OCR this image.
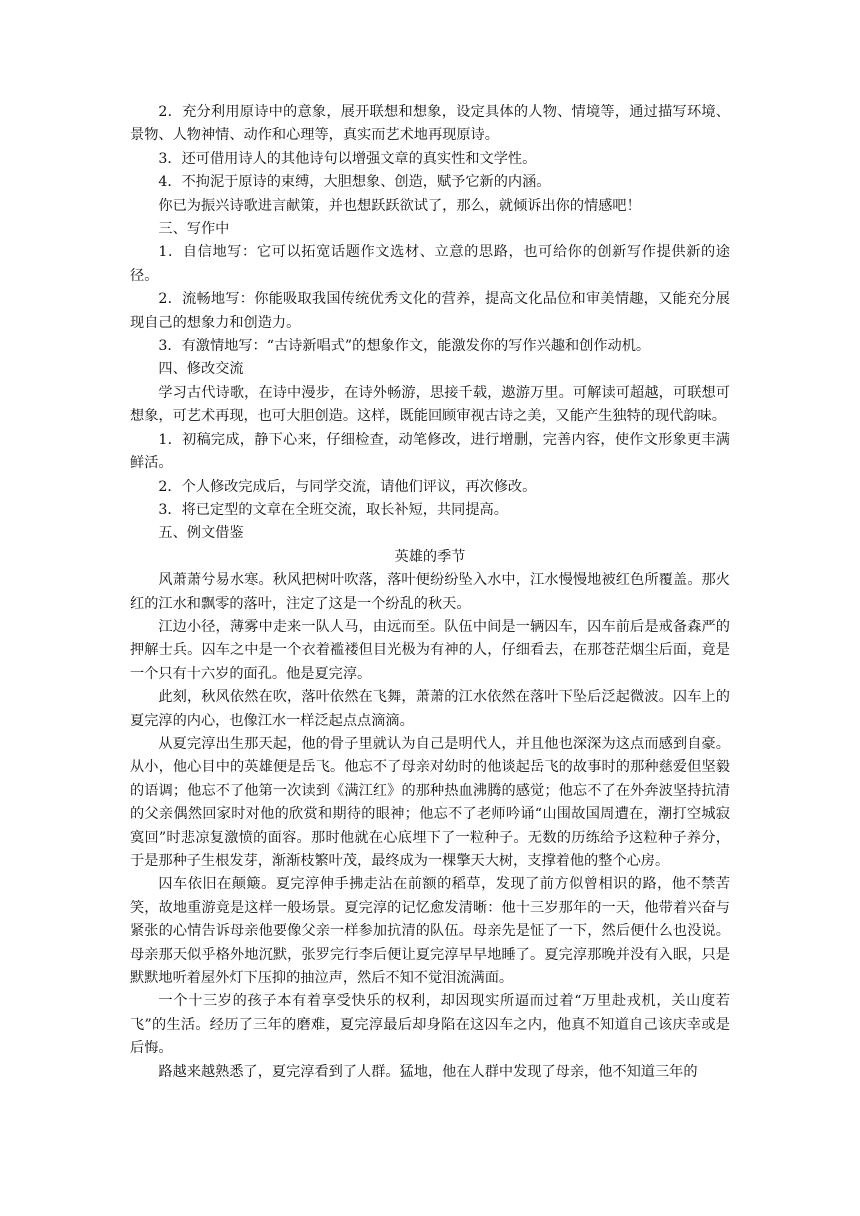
2．充分利用原诗中的意象，展开联想和想象，设定具体的人物、情境等，通过描写环境、景物、人物神情、动作和心理等，真实而艺术地再现原诗。

3．还可借用诗人的其他诗句以增强文章的真实性和文学性。

4．不拘泥于原诗的束缚，大胆想象、创造，赋予它新的内涵。

你已为振兴诗歌进言献策，并也想跃跃欲试了，那么，就倾诉出你的情感吧！

三、写作中

1．自信地写：它可以拓宽话题作文选材、立意的思路，也可给你的创新写作提供新的途径。

2．流畅地写：你能吸取我国传统优秀文化的营养，提高文化品位和审美情趣，又能充分展现自己的想象力和创造力。

3．有激情地写：“古诗新唱式”的想象作文，能激发你的写作兴趣和创作动机。

四、修改交流

学习古代诗歌，在诗中漫步，在诗外畅游，思接千载，遨游万里。可解读可超越，可联想可想象，可艺术再现，也可大胆创造。这样，既能回顾审视古诗之美，又能产生独特的现代韵味。

1．初稿完成，静下心来，仔细检查，动笔修改，进行增删，完善内容，使作文形象更丰满鲜活。

2．个人修改完成后，与同学交流，请他们评议，再次修改。

3．将已定型的文章在全班交流，取长补短，共同提高。

五、例文借鉴

英雄的季节

风萧萧兮易水寒。秋风把树叶吹落，落叶便纷纷坠入水中，江水慢慢地被红色所覆盖。那火红的江水和飘零的落叶，注定了这是一个纷乱的秋天。

江边小径，薄雾中走来一队人马，由远而至。队伍中间是一辆囚车，囚车前后是戒备森严的押解士兵。囚车之中是一个衣着褴褛但目光极为有神的人，仔细看去，在那苍茫烟尘后面，竟是一个只有十六岁的面孔。他是夏完淳。

此刻，秋风依然在吹，落叶依然在飞舞，萧萧的江水依然在落叶下坠后泛起微波。囚车上的夏完淳的内心，也像江水一样泛起点点滴滴。

从夏完淳出生那天起，他的骨子里就认为自己是明代人，并且他也深深为这点而感到自豪。从小，他心目中的英雄便是岳飞。他忘不了母亲对幼时的他谈起岳飞的故事时的那种慈爱但坚毅的语调；他忘不了他第一次读到《满江红》的那种热血沸腾的感觉；他忘不了在外奔波坚持抗清的父亲偶然回家时对他的欣赏和期待的眼神；他忘不了老师吟诵“山围故国周遭在，潮打空城寂寞回”时悲凉复激愤的面容。那时他就在心底埋下了一粒种子。无数的历练给予这粒种子养分，于是那种子生根发芽，渐渐枝繁叶茂，最终成为一棵擎天大树，支撑着他的整个心房。

囚车依旧在颠簸。夏完淳伸手拂走沾在前额的稻草，发现了前方似曾相识的路，他不禁苦笑，故地重游竟是这样一般场景。夏完淳的记忆愈发清晰：他十三岁那年的一天，他带着兴奋与紧张的心情告诉母亲他要像父亲一样参加抗清的队伍。母亲先是怔了一下，然后便什么也没说。母亲那天似乎格外地沉默，张罗完行李后便让夏完淳早早地睡了。夏完淳那晚并没有入眠，只是默默地听着屋外灯下压抑的抽泣声，然后不知不觉泪流满面。

一个十三岁的孩子本有着享受快乐的权利，却因现实所逼而过着“万里赴戎机，关山度若飞”的生活。经历了三年的磨难，夏完淳最后却身陷在这囚车之内，他真不知道自己该庆幸或是后悔。

路越来越熟悉了，夏完淳看到了人群。猛地，他在人群中发现了母亲，他不知道三年的
